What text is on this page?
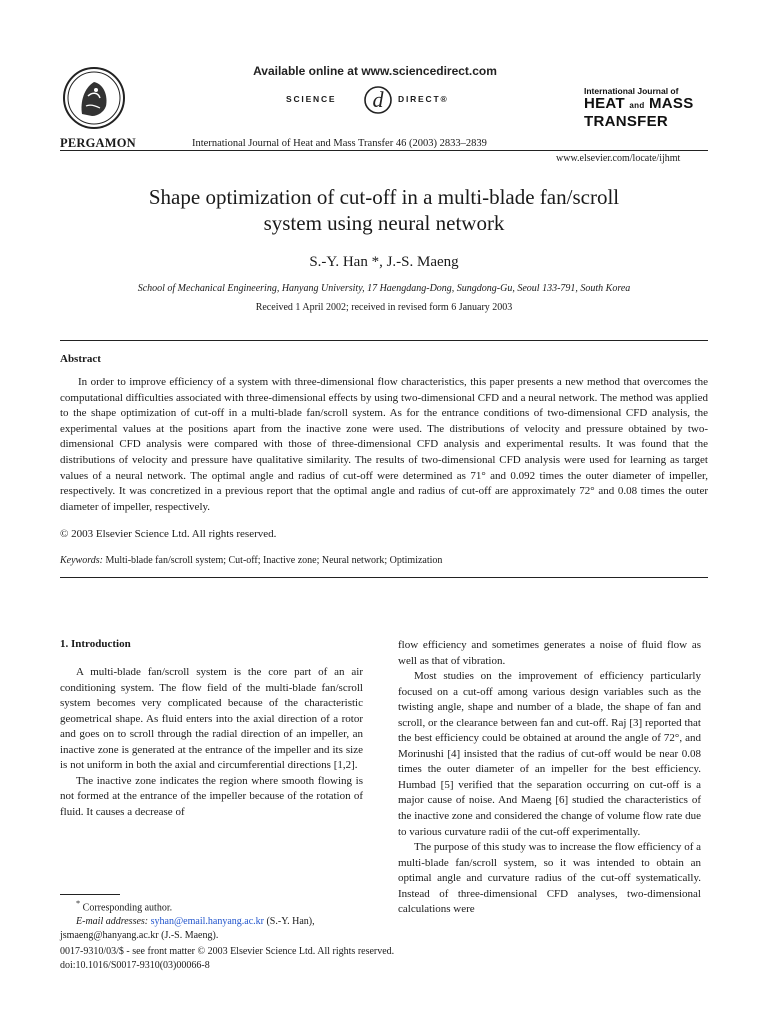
PERGAMON
Available online at www.sciencedirect.com
SCIENCE d DIRECT®
International Journal of Heat and Mass Transfer 46 (2003) 2833–2839
International Journal of
HEAT and MASS
TRANSFER
www.elsevier.com/locate/ijhmt
Shape optimization of cut-off in a multi-blade fan/scroll
system using neural network
S.-Y. Han *, J.-S. Maeng
School of Mechanical Engineering, Hanyang University, 17 Haengdang-Dong, Sungdong-Gu, Seoul 133-791, South Korea
Received 1 April 2002; received in revised form 6 January 2003
Abstract

In order to improve efficiency of a system with three-dimensional flow characteristics, this paper presents a new method that overcomes the computational difficulties associated with three-dimensional effects by using two-dimensional CFD and a neural network. The method was applied to the shape optimization of cut-off in a multi-blade fan/scroll system. As for the entrance conditions of two-dimensional CFD analysis, the experimental values at the positions apart from the inactive zone were used. The distributions of velocity and pressure obtained by two-dimensional CFD analysis were compared with those of three-dimensional CFD analysis and experimental results. It was found that the distributions of velocity and pressure have qualitative similarity. The results of two-dimensional CFD analysis were used for learning as target values of a neural network. The optimal angle and radius of cut-off were determined as 71° and 0.092 times the outer diameter of impeller, respectively. It was concretized in a previous report that the optimal angle and radius of cut-off are approximately 72° and 0.08 times the outer diameter of impeller, respectively.

© 2003 Elsevier Science Ltd. All rights reserved.
Keywords: Multi-blade fan/scroll system; Cut-off; Inactive zone; Neural network; Optimization
1. Introduction

A multi-blade fan/scroll system is the core part of an air conditioning system. The flow field of the multi-blade fan/scroll system becomes very complicated because of the characteristic geometrical shape. As fluid enters into the axial direction of a rotor and goes on to scroll through the radial direction of an impeller, an inactive zone is generated at the entrance of the impeller and its size is not uniform in both the axial and circumferential directions [1,2].

The inactive zone indicates the region where smooth flowing is not formed at the entrance of the impeller because of the rotation of fluid. It causes a decrease of

flow efficiency and sometimes generates a noise of fluid flow as well as that of vibration.

Most studies on the improvement of efficiency particularly focused on a cut-off among various design variables such as the twisting angle, shape and number of a blade, the shape of fan and scroll, or the clearance between fan and cut-off. Raj [3] reported that the best efficiency could be obtained at around the angle of 72°, and Morinushi [4] insisted that the radius of cut-off would be near 0.08 times the outer diameter of an impeller for the best efficiency. Humbad [5] verified that the separation occurring on cut-off is a major cause of noise. And Maeng [6] studied the characteristics of the inactive zone and considered the change of volume flow rate due to various curvature radii of the cut-off experimentally.

The purpose of this study was to increase the flow efficiency of a multi-blade fan/scroll system, so it was intended to obtain an optimal angle and curvature radius of the cut-off systematically. Instead of three-dimensional CFD analyses, two-dimensional calculations were

* Corresponding author.

E-mail addresses: syhan@email.hanyang.ac.kr (S.-Y. Han),

jsmaeng@hanyang.ac.kr (J.-S. Maeng).

0017-9310/03/$ - see front matter © 2003 Elsevier Science Ltd. All rights reserved.
doi:10.1016/S0017-9310(03)00066-8
